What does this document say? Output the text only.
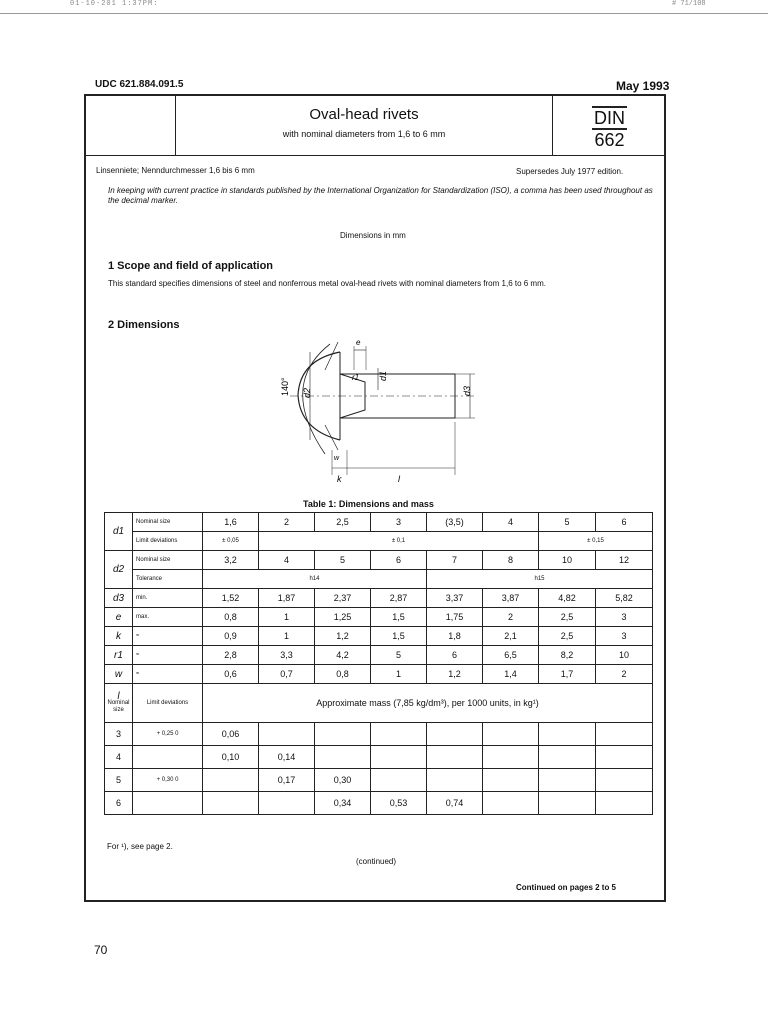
01-10-201 1:37PM:	# 71/108
UDC 621.884.091.5	May 1993
Oval-head rivets
with nominal diameters from 1,6 to 6 mm
DIN
662
Linsenniete; Nenndurchmesser 1,6 bis 6 mm	Supersedes July 1977 edition.
In keeping with current practice in standards published by the International Organization for Standardization (ISO), a comma has been used throughout as the decimal marker.
Dimensions in mm
1 Scope and field of application
This standard specifies dimensions of steel and nonferrous metal oval-head rivets with nominal diameters from 1,6 to 6 mm.
2 Dimensions
140° d2
e
r1 d1
d3
w
k	l
Table 1: Dimensions and mass
d1	Nominal size	1,6	2	2,5	3	(3,5)	4	5	6
	Limit deviations	± 0,05	± 0,1					± 0,15	
d2	Nominal size	3,2	4	5	6	7	8	10	12
	Tolerance	h14				h15			
d3	min.	1,52	1,87	2,37	2,87	3,37	3,87	4,82	5,82
e	max.	0,8	1	1,25	1,5	1,75	2	2,5	3
k	≈	0,9	1	1,2	1,5	1,8	2,1	2,5	3
r1	≈	2,8	3,3	4,2	5	6	6,5	8,2	10
w	≈	0,6	0,7	0,8	1	1,2	1,4	1,7	2

l
Nominal size	Limit deviations	Approximate mass (7,85 kg/dm³), per 1000 units, in kg¹)							
3	+ 0,25 0	0,06							
4		0,10	0,14						
5	+ 0,30 0		0,17	0,30					
6				0,34	0,53	0,74			
For ¹), see page 2.
(continued)
Continued on pages 2 to 5
70
